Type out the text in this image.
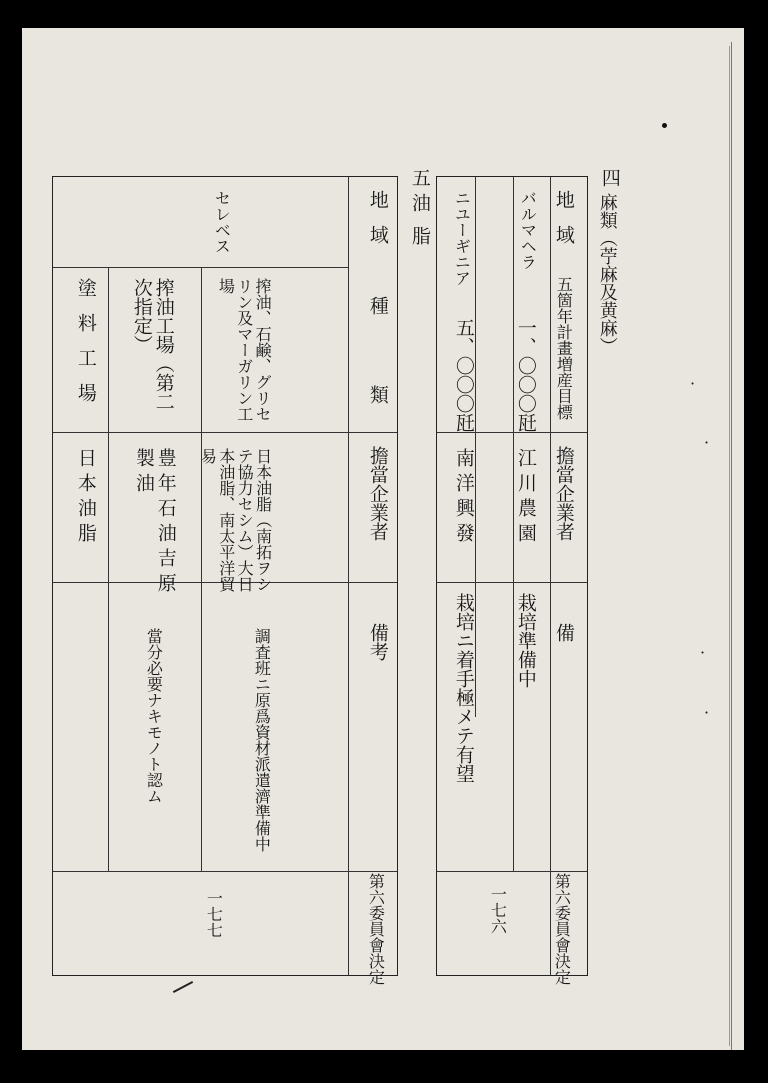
四
麻類（苧麻及黄麻）
地域
五箇年計畫増産目標
擔當企業者
備
バルマヘラ
一、〇〇〇瓩
江川農園
栽培準備中
ニユーギニア
五、〇〇〇瓩
南洋興發
栽培ニ着手極メテ有望
第六委員會決定
一七六
五
油脂
地域
種類
擔當企業者
備考
セレベス
搾油、石鹸、グリセリン及マーガリン工場
日本油脂（南拓ヲシテ協力セシム）大日本油脂、南太平洋貿易
調査班ニ原爲資材派遣濟準備中
搾油工場（第二次指定）
豊年石油吉原製油
當分必要ナキモノト認ム
塗料工場
日本油脂
第六委員會決定
一七七
·
·
·
·
